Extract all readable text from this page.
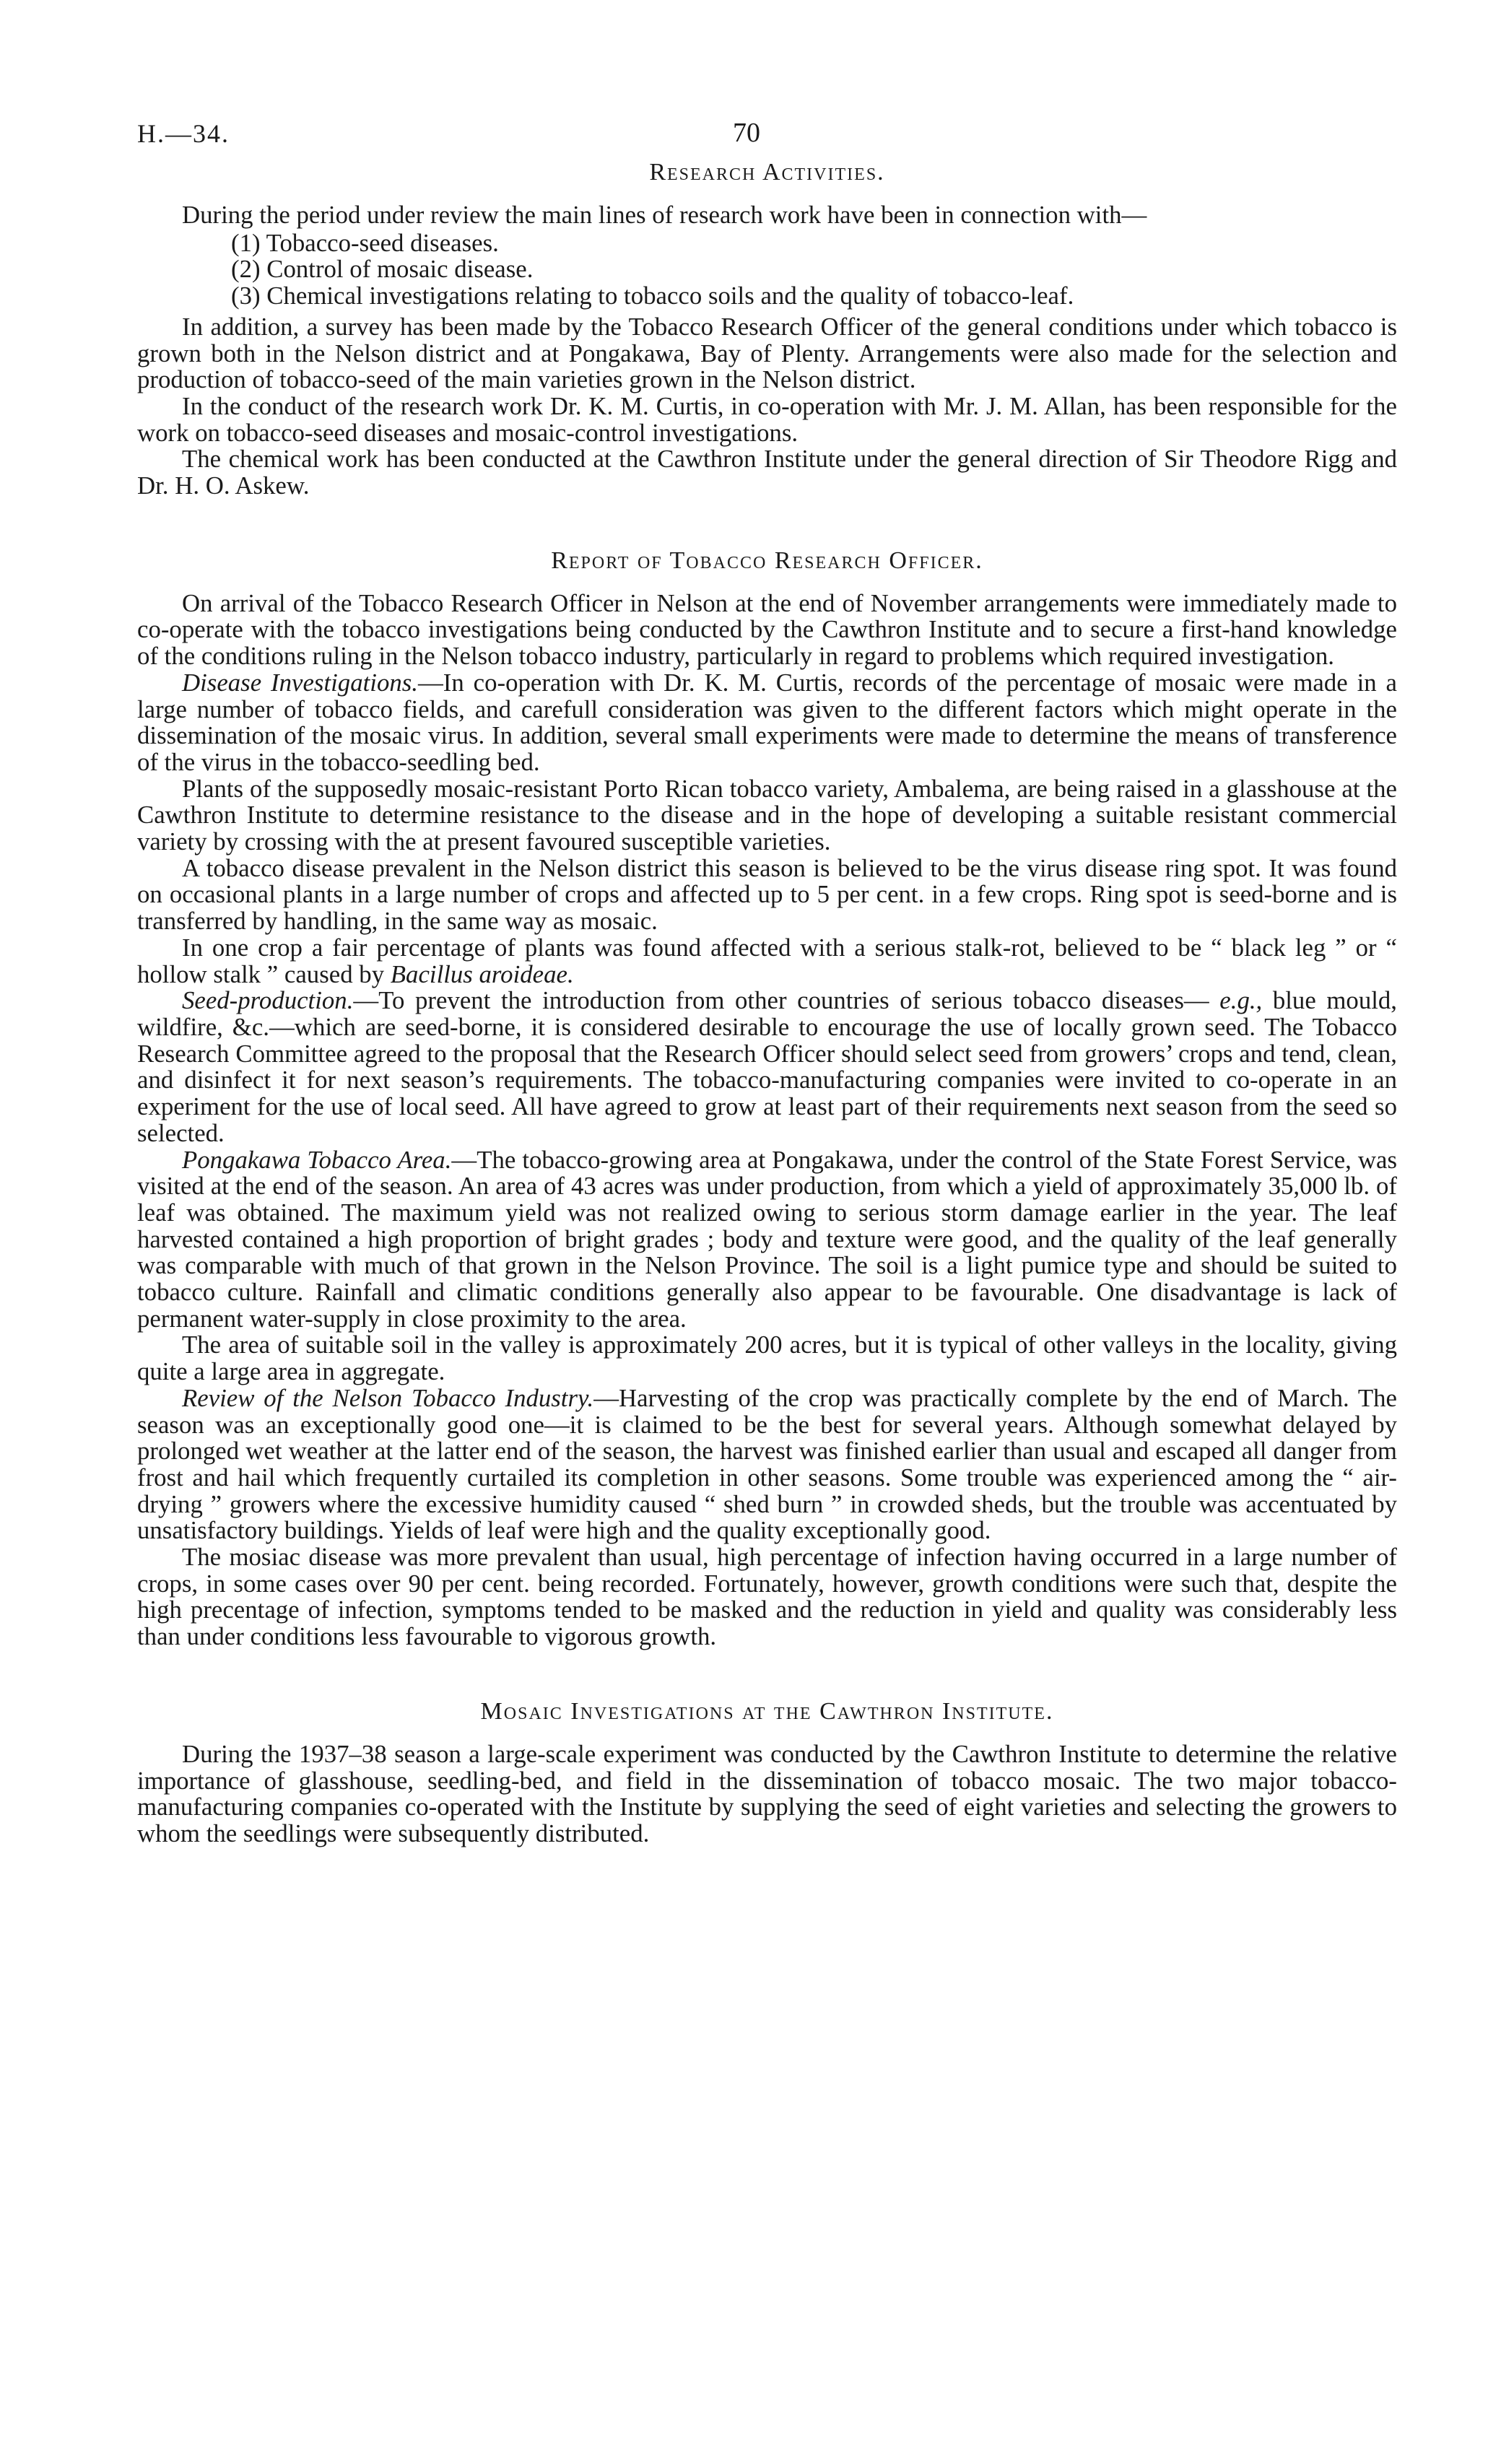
H.—34.	70
Research Activities.

During the period under review the main lines of research work have been in connection with—

(1) Tobacco-seed diseases.
(2) Control of mosaic disease.
(3) Chemical investigations relating to tobacco soils and the quality of tobacco-leaf.

In addition, a survey has been made by the Tobacco Research Officer of the general conditions under which tobacco is grown both in the Nelson district and at Pongakawa, Bay of Plenty. Arrangements were also made for the selection and production of tobacco-seed of the main varieties grown in the Nelson district.

In the conduct of the research work Dr. K. M. Curtis, in co-operation with Mr. J. M. Allan, has been responsible for the work on tobacco-seed diseases and mosaic-control investigations.

The chemical work has been conducted at the Cawthron Institute under the general direction of Sir Theodore Rigg and Dr. H. O. Askew.

Report of Tobacco Research Officer.

On arrival of the Tobacco Research Officer in Nelson at the end of November arrangements were immediately made to co-operate with the tobacco investigations being conducted by the Cawthron Institute and to secure a first-hand knowledge of the conditions ruling in the Nelson tobacco industry, particularly in regard to problems which required investigation.

Disease Investigations.—In co-operation with Dr. K. M. Curtis, records of the percentage of mosaic were made in a large number of tobacco fields, and carefull consideration was given to the different factors which might operate in the dissemination of the mosaic virus. In addition, several small experiments were made to determine the means of transference of the virus in the tobacco-seedling bed.

Plants of the supposedly mosaic-resistant Porto Rican tobacco variety, Ambalema, are being raised in a glasshouse at the Cawthron Institute to determine resistance to the disease and in the hope of developing a suitable resistant commercial variety by crossing with the at present favoured susceptible varieties.

A tobacco disease prevalent in the Nelson district this season is believed to be the virus disease ring spot. It was found on occasional plants in a large number of crops and affected up to 5 per cent. in a few crops. Ring spot is seed-borne and is transferred by handling, in the same way as mosaic.

In one crop a fair percentage of plants was found affected with a serious stalk-rot, believed to be “ black leg ” or “ hollow stalk ” caused by Bacillus aroideae.

Seed-production.—To prevent the introduction from other countries of serious tobacco diseases— e.g., blue mould, wildfire, &c.—which are seed-borne, it is considered desirable to encourage the use of locally grown seed. The Tobacco Research Committee agreed to the proposal that the Research Officer should select seed from growers’ crops and tend, clean, and disinfect it for next season’s requirements. The tobacco-manufacturing companies were invited to co-operate in an experiment for the use of local seed. All have agreed to grow at least part of their requirements next season from the seed so selected.

Pongakawa Tobacco Area.—The tobacco-growing area at Pongakawa, under the control of the State Forest Service, was visited at the end of the season. An area of 43 acres was under production, from which a yield of approximately 35,000 lb. of leaf was obtained. The maximum yield was not realized owing to serious storm damage earlier in the year. The leaf harvested contained a high proportion of bright grades ; body and texture were good, and the quality of the leaf generally was comparable with much of that grown in the Nelson Province. The soil is a light pumice type and should be suited to tobacco culture. Rainfall and climatic conditions generally also appear to be favourable. One disadvantage is lack of permanent water-supply in close proximity to the area.

The area of suitable soil in the valley is approximately 200 acres, but it is typical of other valleys in the locality, giving quite a large area in aggregate.

Review of the Nelson Tobacco Industry.—Harvesting of the crop was practically complete by the end of March. The season was an exceptionally good one—it is claimed to be the best for several years. Although somewhat delayed by prolonged wet weather at the latter end of the season, the harvest was finished earlier than usual and escaped all danger from frost and hail which frequently curtailed its completion in other seasons. Some trouble was experienced among the “ air-drying ” growers where the excessive humidity caused “ shed burn ” in crowded sheds, but the trouble was accentuated by unsatisfactory buildings. Yields of leaf were high and the quality exceptionally good.

The mosiac disease was more prevalent than usual, high percentage of infection having occurred in a large number of crops, in some cases over 90 per cent. being recorded. Fortunately, however, growth conditions were such that, despite the high precentage of infection, symptoms tended to be masked and the reduction in yield and quality was considerably less than under conditions less favourable to vigorous growth.

Mosaic Investigations at the Cawthron Institute.

During the 1937–38 season a large-scale experiment was conducted by the Cawthron Institute to determine the relative importance of glasshouse, seedling-bed, and field in the dissemination of tobacco mosaic. The two major tobacco-manufacturing companies co-operated with the Institute by supplying the seed of eight varieties and selecting the growers to whom the seedlings were subsequently distributed.
